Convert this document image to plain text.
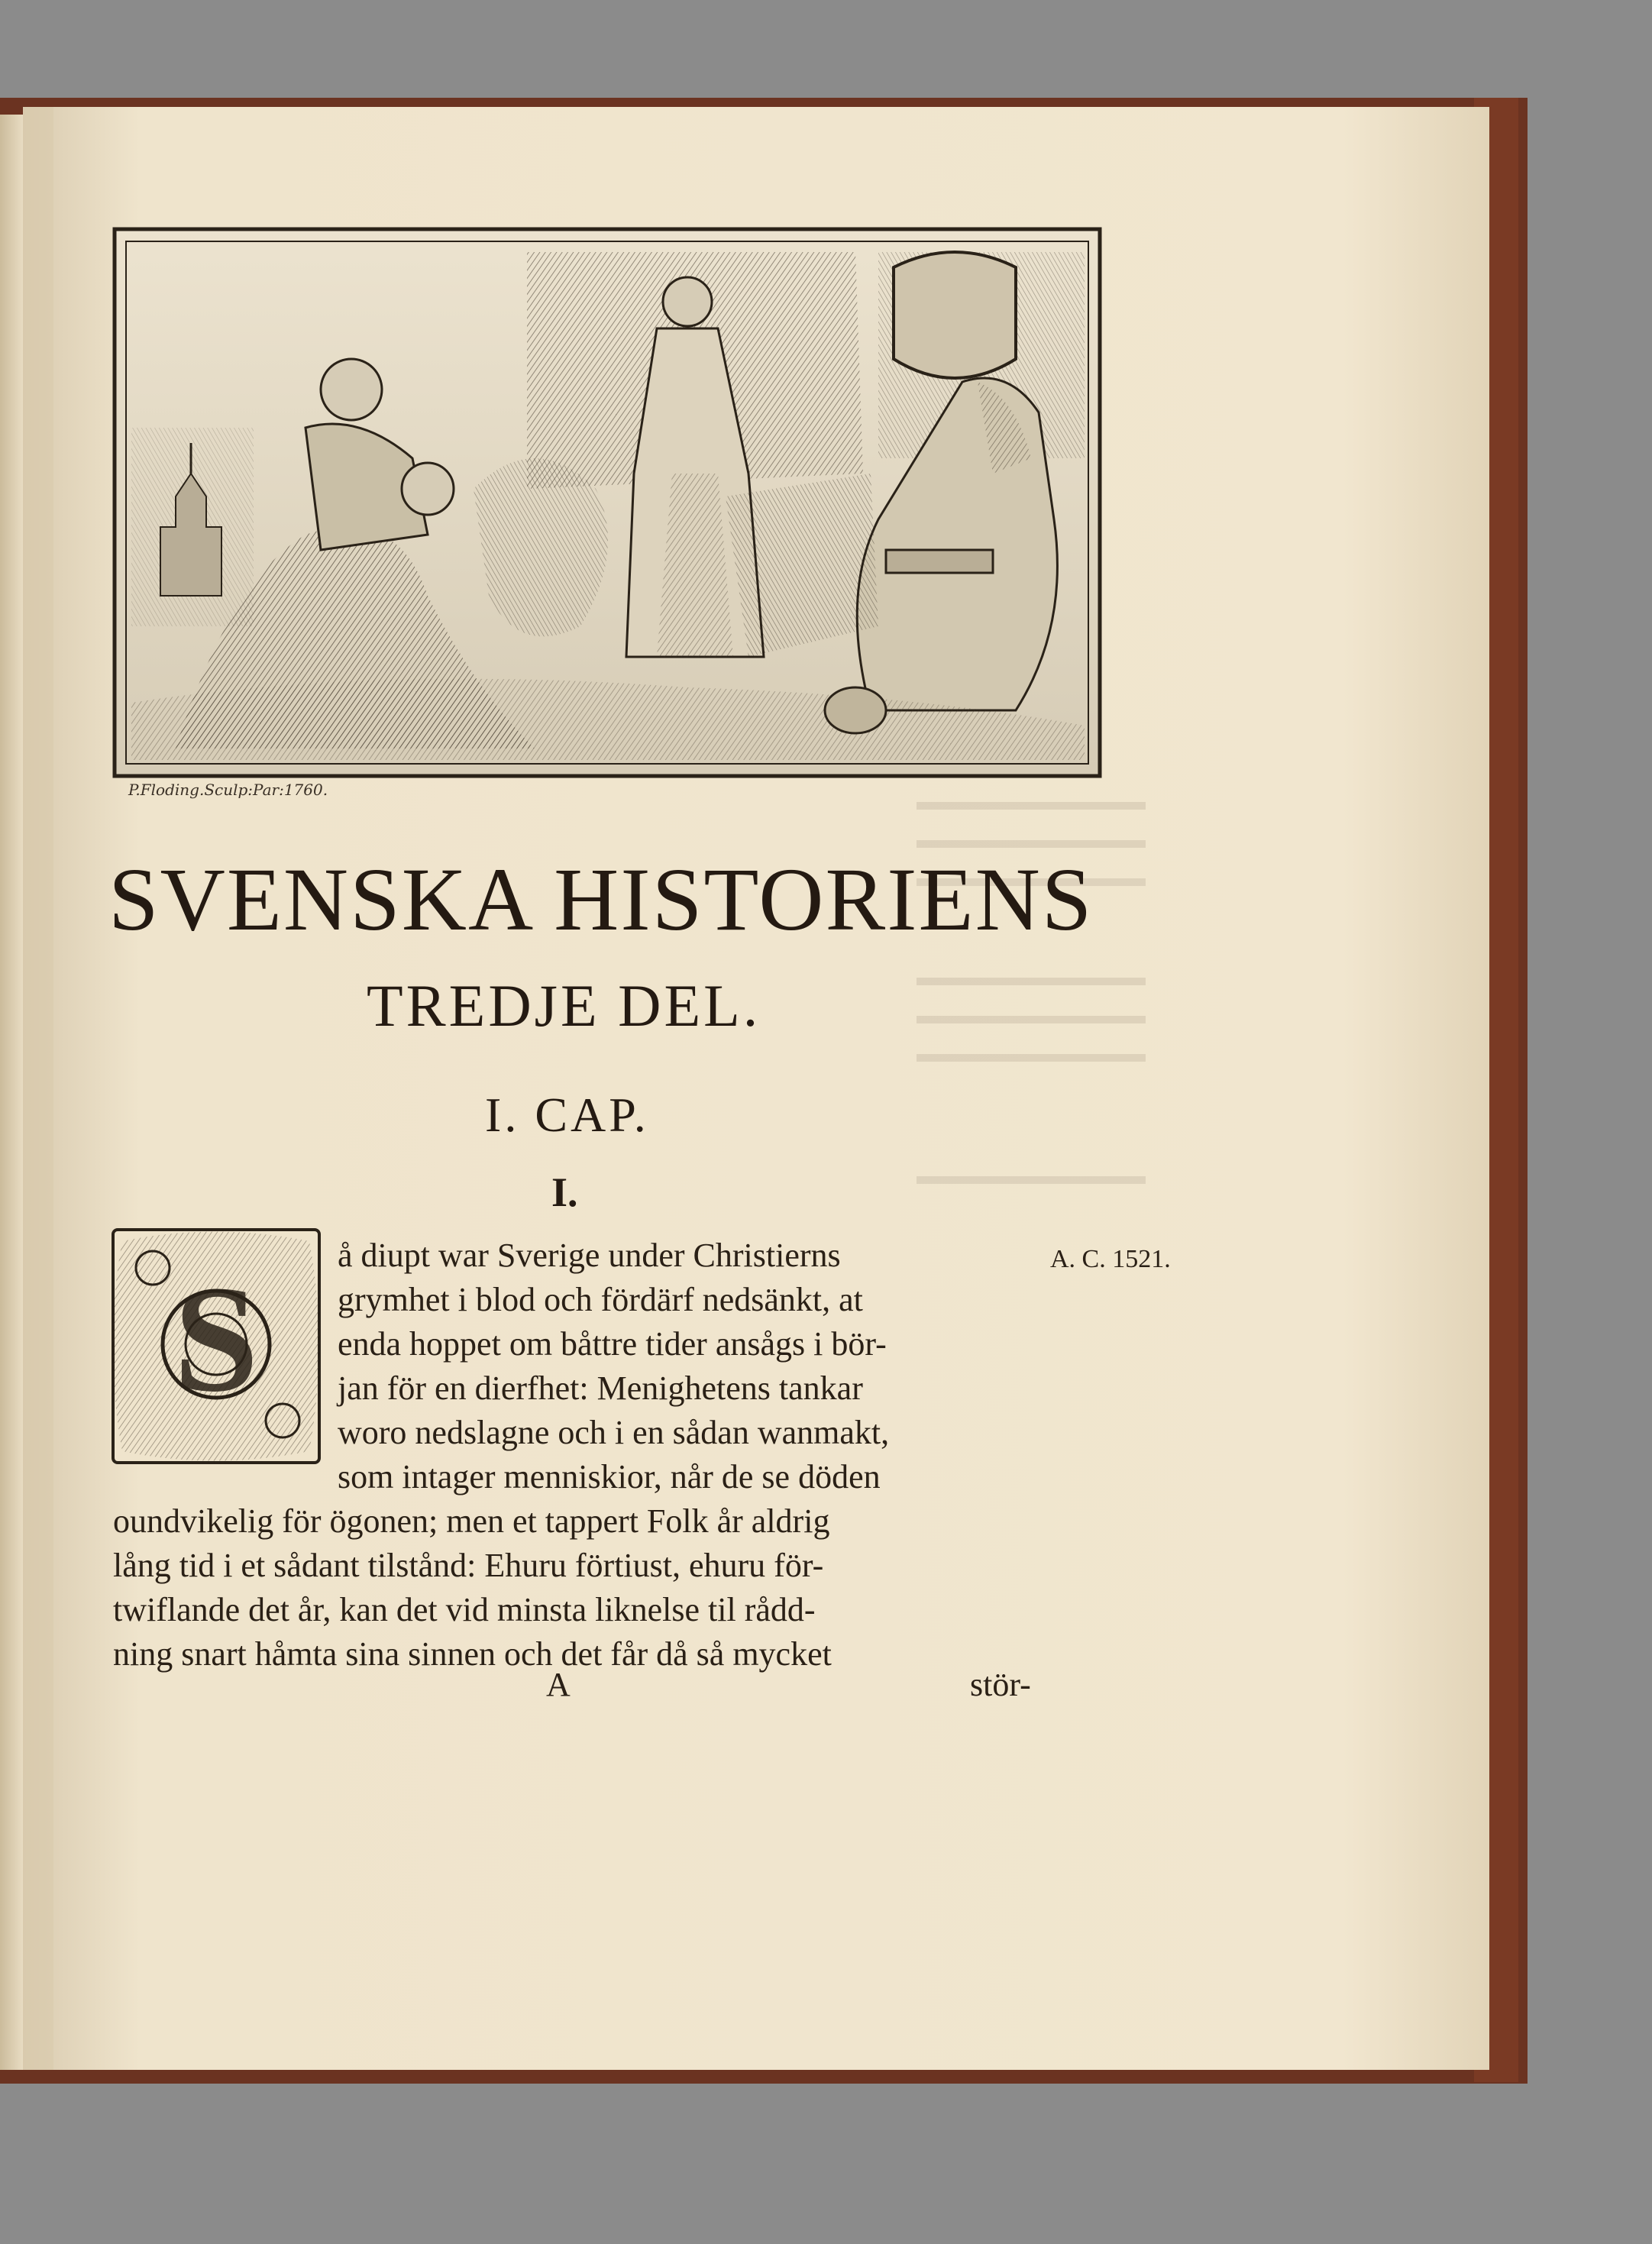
S
P.Floding.Sculp:Par:1760.
SVENSKA HISTORIENS
TREDJE DEL.
I. CAP.
I.
A. C. 1521.
å diupt war Sverige under Christierns
grymhet i blod och fördärf nedsänkt, at
enda hoppet om båttre tider ansågs i bör-
jan för en dierfhet: Menighetens tankar
woro nedslagne och i en sådan wanmakt,
som intager menniskior, når de se döden
oundvikelig för ögonen; men et tappert Folk år aldrig
lång tid i et sådant tilstånd: Ehuru förtiust, ehuru för-
twiflande det år, kan det vid minsta liknelse til rådd-
ning snart håmta sina sinnen och det får då så mycket
A	stör-
